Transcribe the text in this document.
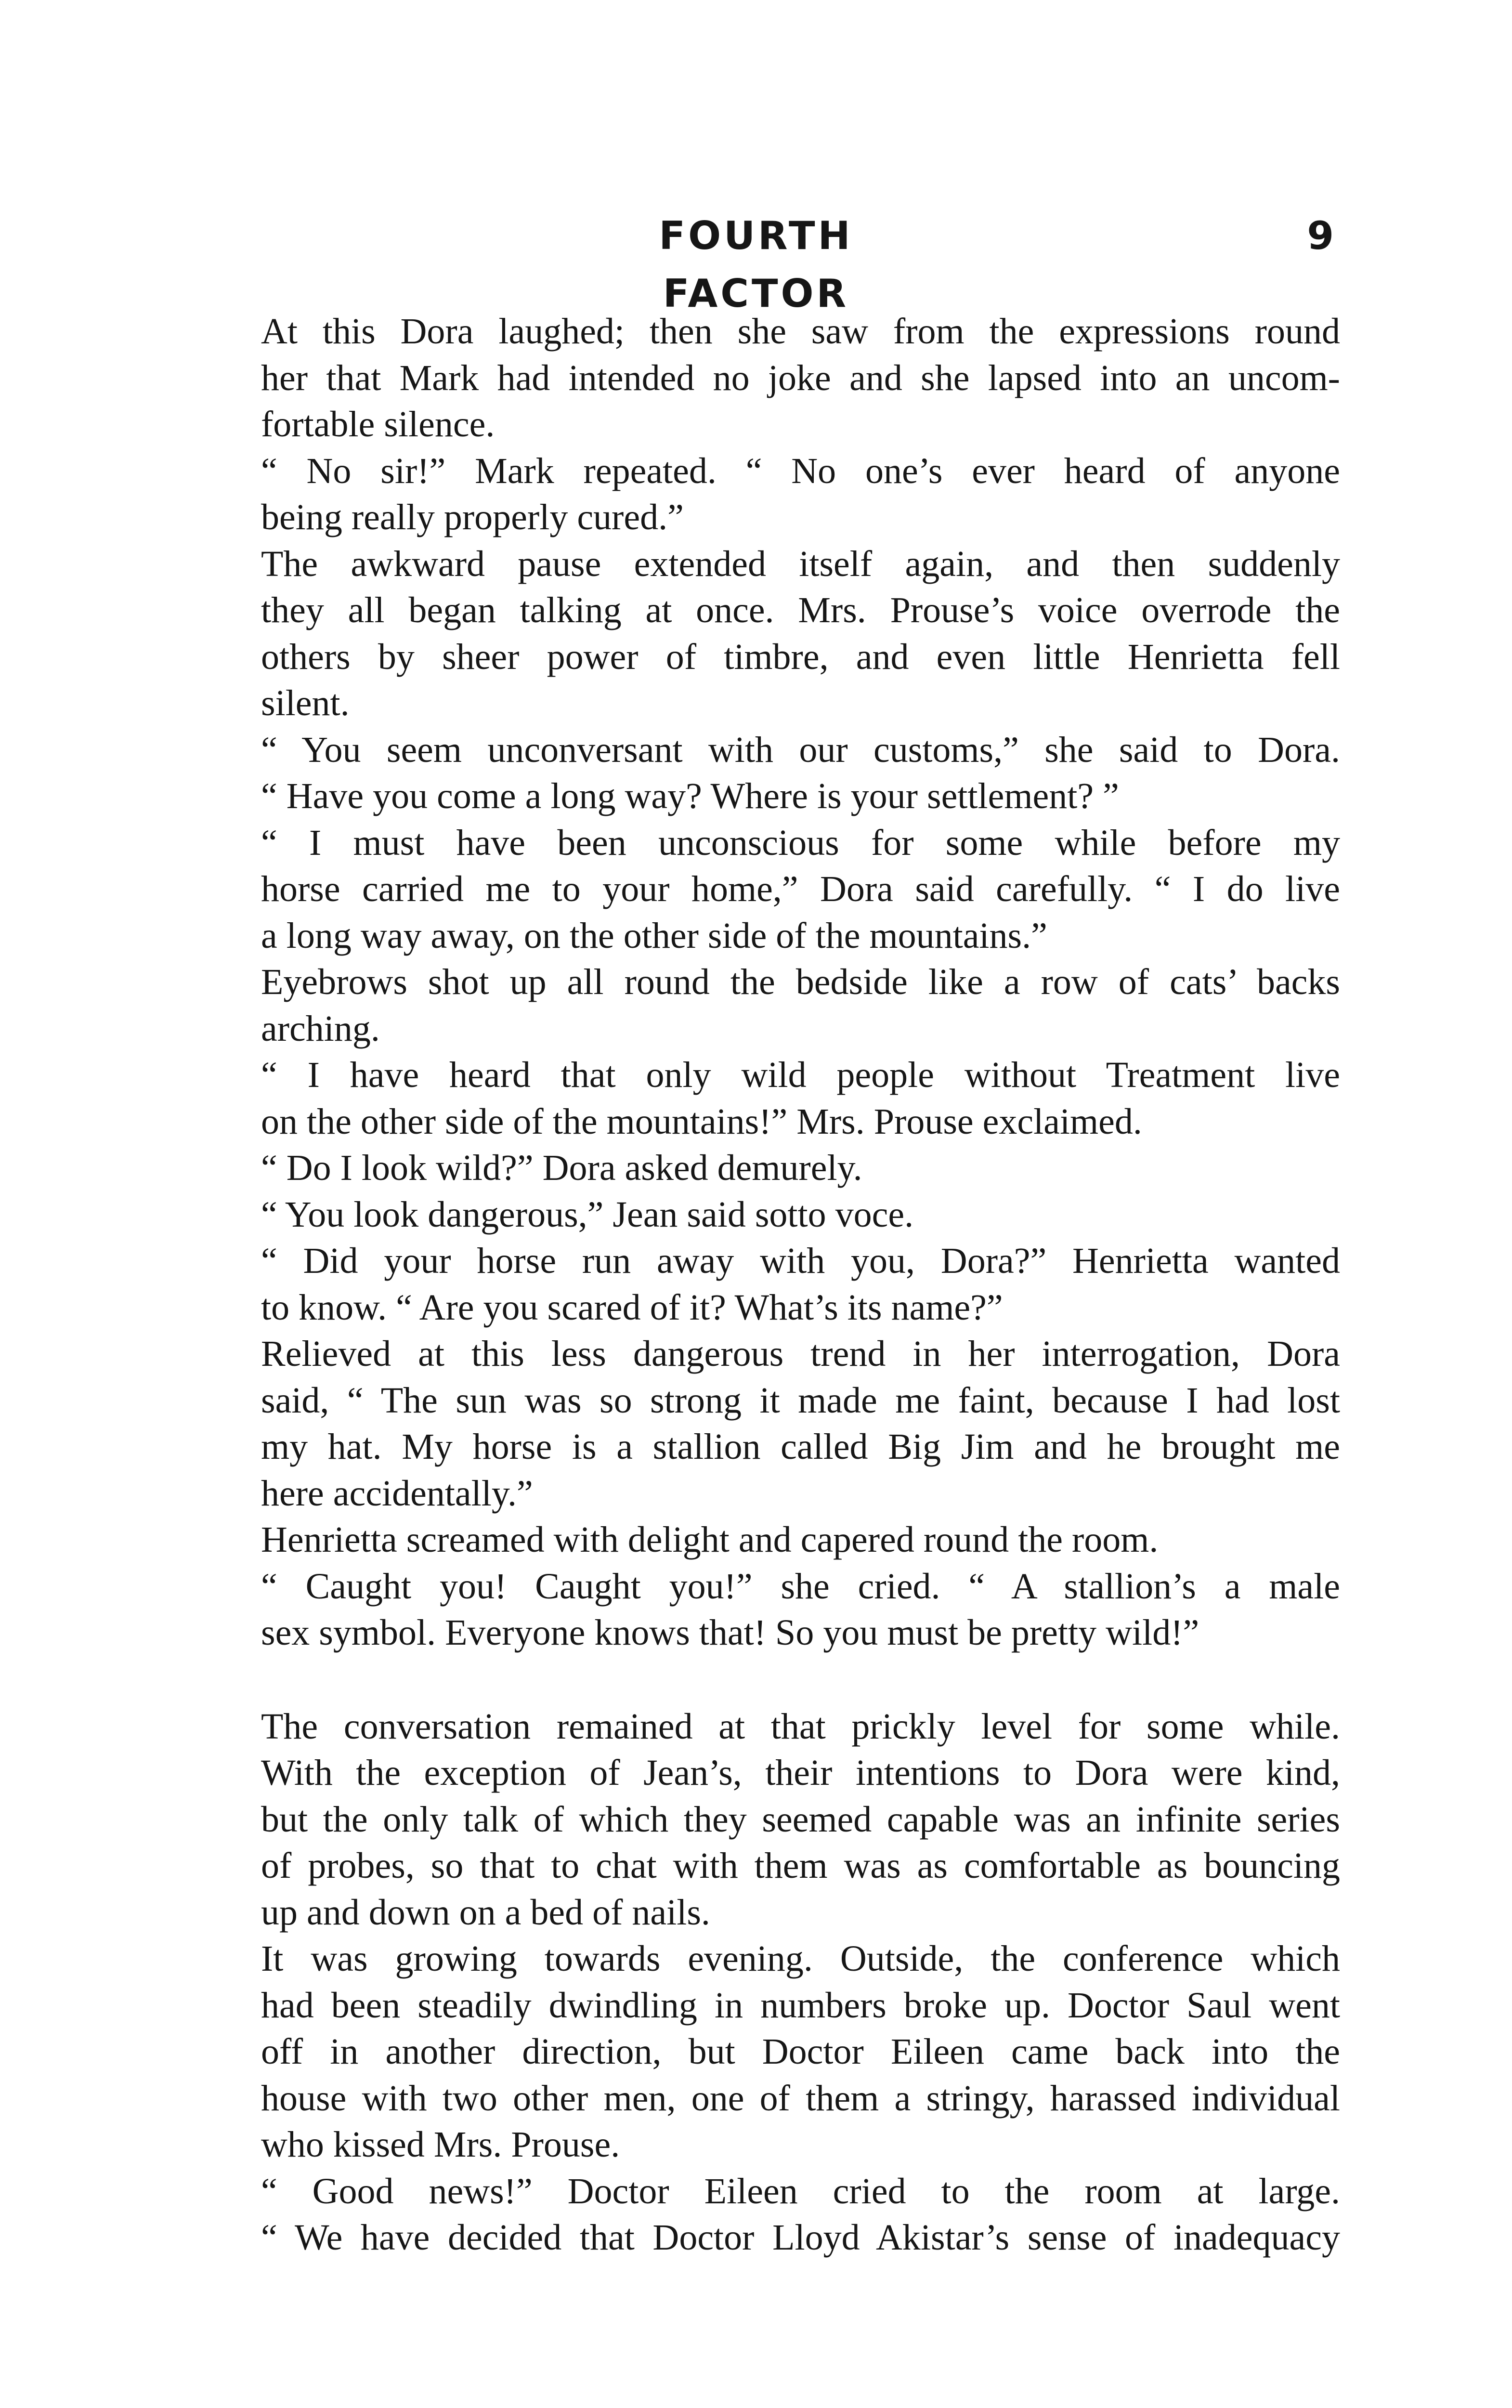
FOURTH FACTOR
9

At this Dora laughed; then she saw from the expressions round
her that Mark had intended no joke and she lapsed into an uncom-
fortable silence.

“ No sir!” Mark repeated. “ No one’s ever heard of anyone
being really properly cured.”

The awkward pause extended itself again, and then suddenly
they all began talking at once. Mrs. Prouse’s voice overrode the
others by sheer power of timbre, and even little Henrietta fell
silent.

“ You seem unconversant with our customs,” she said to Dora.
“ Have you come a long way? Where is your settlement? ”

“ I must have been unconscious for some while before my
horse carried me to your home,” Dora said carefully. “ I do live
a long way away, on the other side of the mountains.”

Eyebrows shot up all round the bedside like a row of cats’ backs
arching.

“ I have heard that only wild people without Treatment live
on the other side of the mountains!” Mrs. Prouse exclaimed.

“ Do I look wild?” Dora asked demurely.

“ You look dangerous,” Jean said sotto voce.

“ Did your horse run away with you, Dora?” Henrietta wanted
to know. “ Are you scared of it? What’s its name?”

Relieved at this less dangerous trend in her interrogation, Dora
said, “ The sun was so strong it made me faint, because I had lost
my hat. My horse is a stallion called Big Jim and he brought me
here accidentally.”

Henrietta screamed with delight and capered round the room.

“ Caught you! Caught you!” she cried. “ A stallion’s a male
sex symbol. Everyone knows that! So you must be pretty wild!”

The conversation remained at that prickly level for some while.
With the exception of Jean’s, their intentions to Dora were kind,
but the only talk of which they seemed capable was an infinite series
of probes, so that to chat with them was as comfortable as bouncing
up and down on a bed of nails.

It was growing towards evening. Outside, the conference which
had been steadily dwindling in numbers broke up. Doctor Saul went
off in another direction, but Doctor Eileen came back into the
house with two other men, one of them a stringy, harassed individual
who kissed Mrs. Prouse.

“ Good news!” Doctor Eileen cried to the room at large.
“ We have decided that Doctor Lloyd Akistar’s sense of inadequacy
